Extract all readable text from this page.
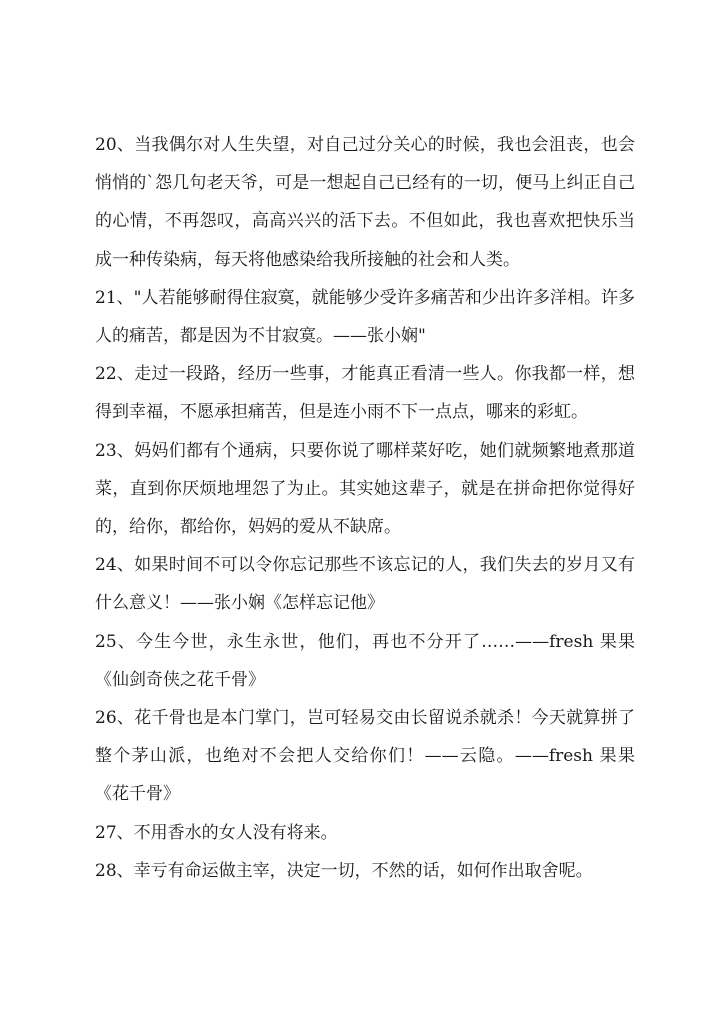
20、当我偶尔对人生失望，对自己过分关心的时候，我也会沮丧，也会悄悄的`怨几句老天爷，可是一想起自己已经有的一切，便马上纠正自己的心情，不再怨叹，高高兴兴的活下去。不但如此，我也喜欢把快乐当成一种传染病，每天将他感染给我所接触的社会和人类。

21、"人若能够耐得住寂寞，就能够少受许多痛苦和少出许多洋相。许多人的痛苦，都是因为不甘寂寞。——张小娴"

22、走过一段路，经历一些事，才能真正看清一些人。你我都一样，想得到幸福，不愿承担痛苦，但是连小雨不下一点点，哪来的彩虹。

23、妈妈们都有个通病，只要你说了哪样菜好吃，她们就频繁地煮那道菜，直到你厌烦地埋怨了为止。其实她这辈子，就是在拼命把你觉得好的，给你，都给你，妈妈的爱从不缺席。

24、如果时间不可以令你忘记那些不该忘记的人，我们失去的岁月又有什么意义！——张小娴《怎样忘记他》

25、今生今世，永生永世，他们，再也不分开了……——fresh 果果《仙剑奇侠之花千骨》

26、花千骨也是本门掌门，岂可轻易交由长留说杀就杀！今天就算拼了整个茅山派，也绝对不会把人交给你们！——云隐。——fresh 果果《花千骨》

27、不用香水的女人没有将来。

28、幸亏有命运做主宰，决定一切，不然的话，如何作出取舍呢。
